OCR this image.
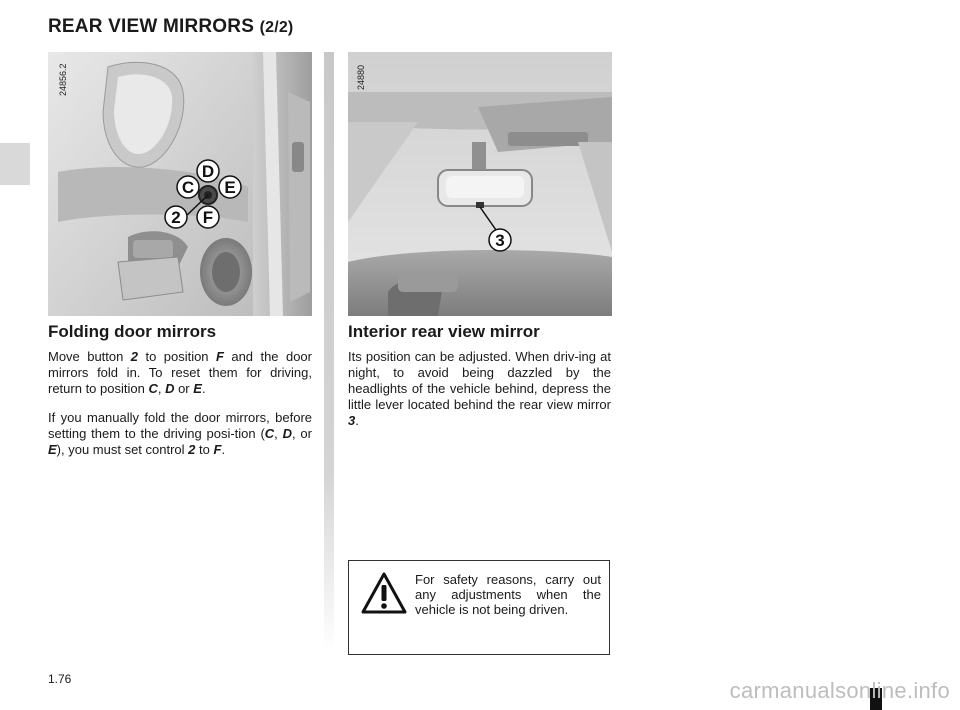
REAR VIEW MIRRORS (2/2)
D
C E
2 F
24856.2
3
24880
Folding door mirrors

Move button 2 to position F and the door mirrors fold in. To reset them for driving, return to position C, D or E.

If you manually fold the door mirrors, before setting them to the driving posi-tion (C, D, or E), you must set control 2 to F.

Interior rear view mirror

Its position can be adjusted. When driv-ing at night, to avoid being dazzled by the headlights of the vehicle behind, depress the little lever located behind the rear view mirror 3.

For safety reasons, carry out any adjustments when the vehicle is not being driven.
1.76	carmanualsonline.info
